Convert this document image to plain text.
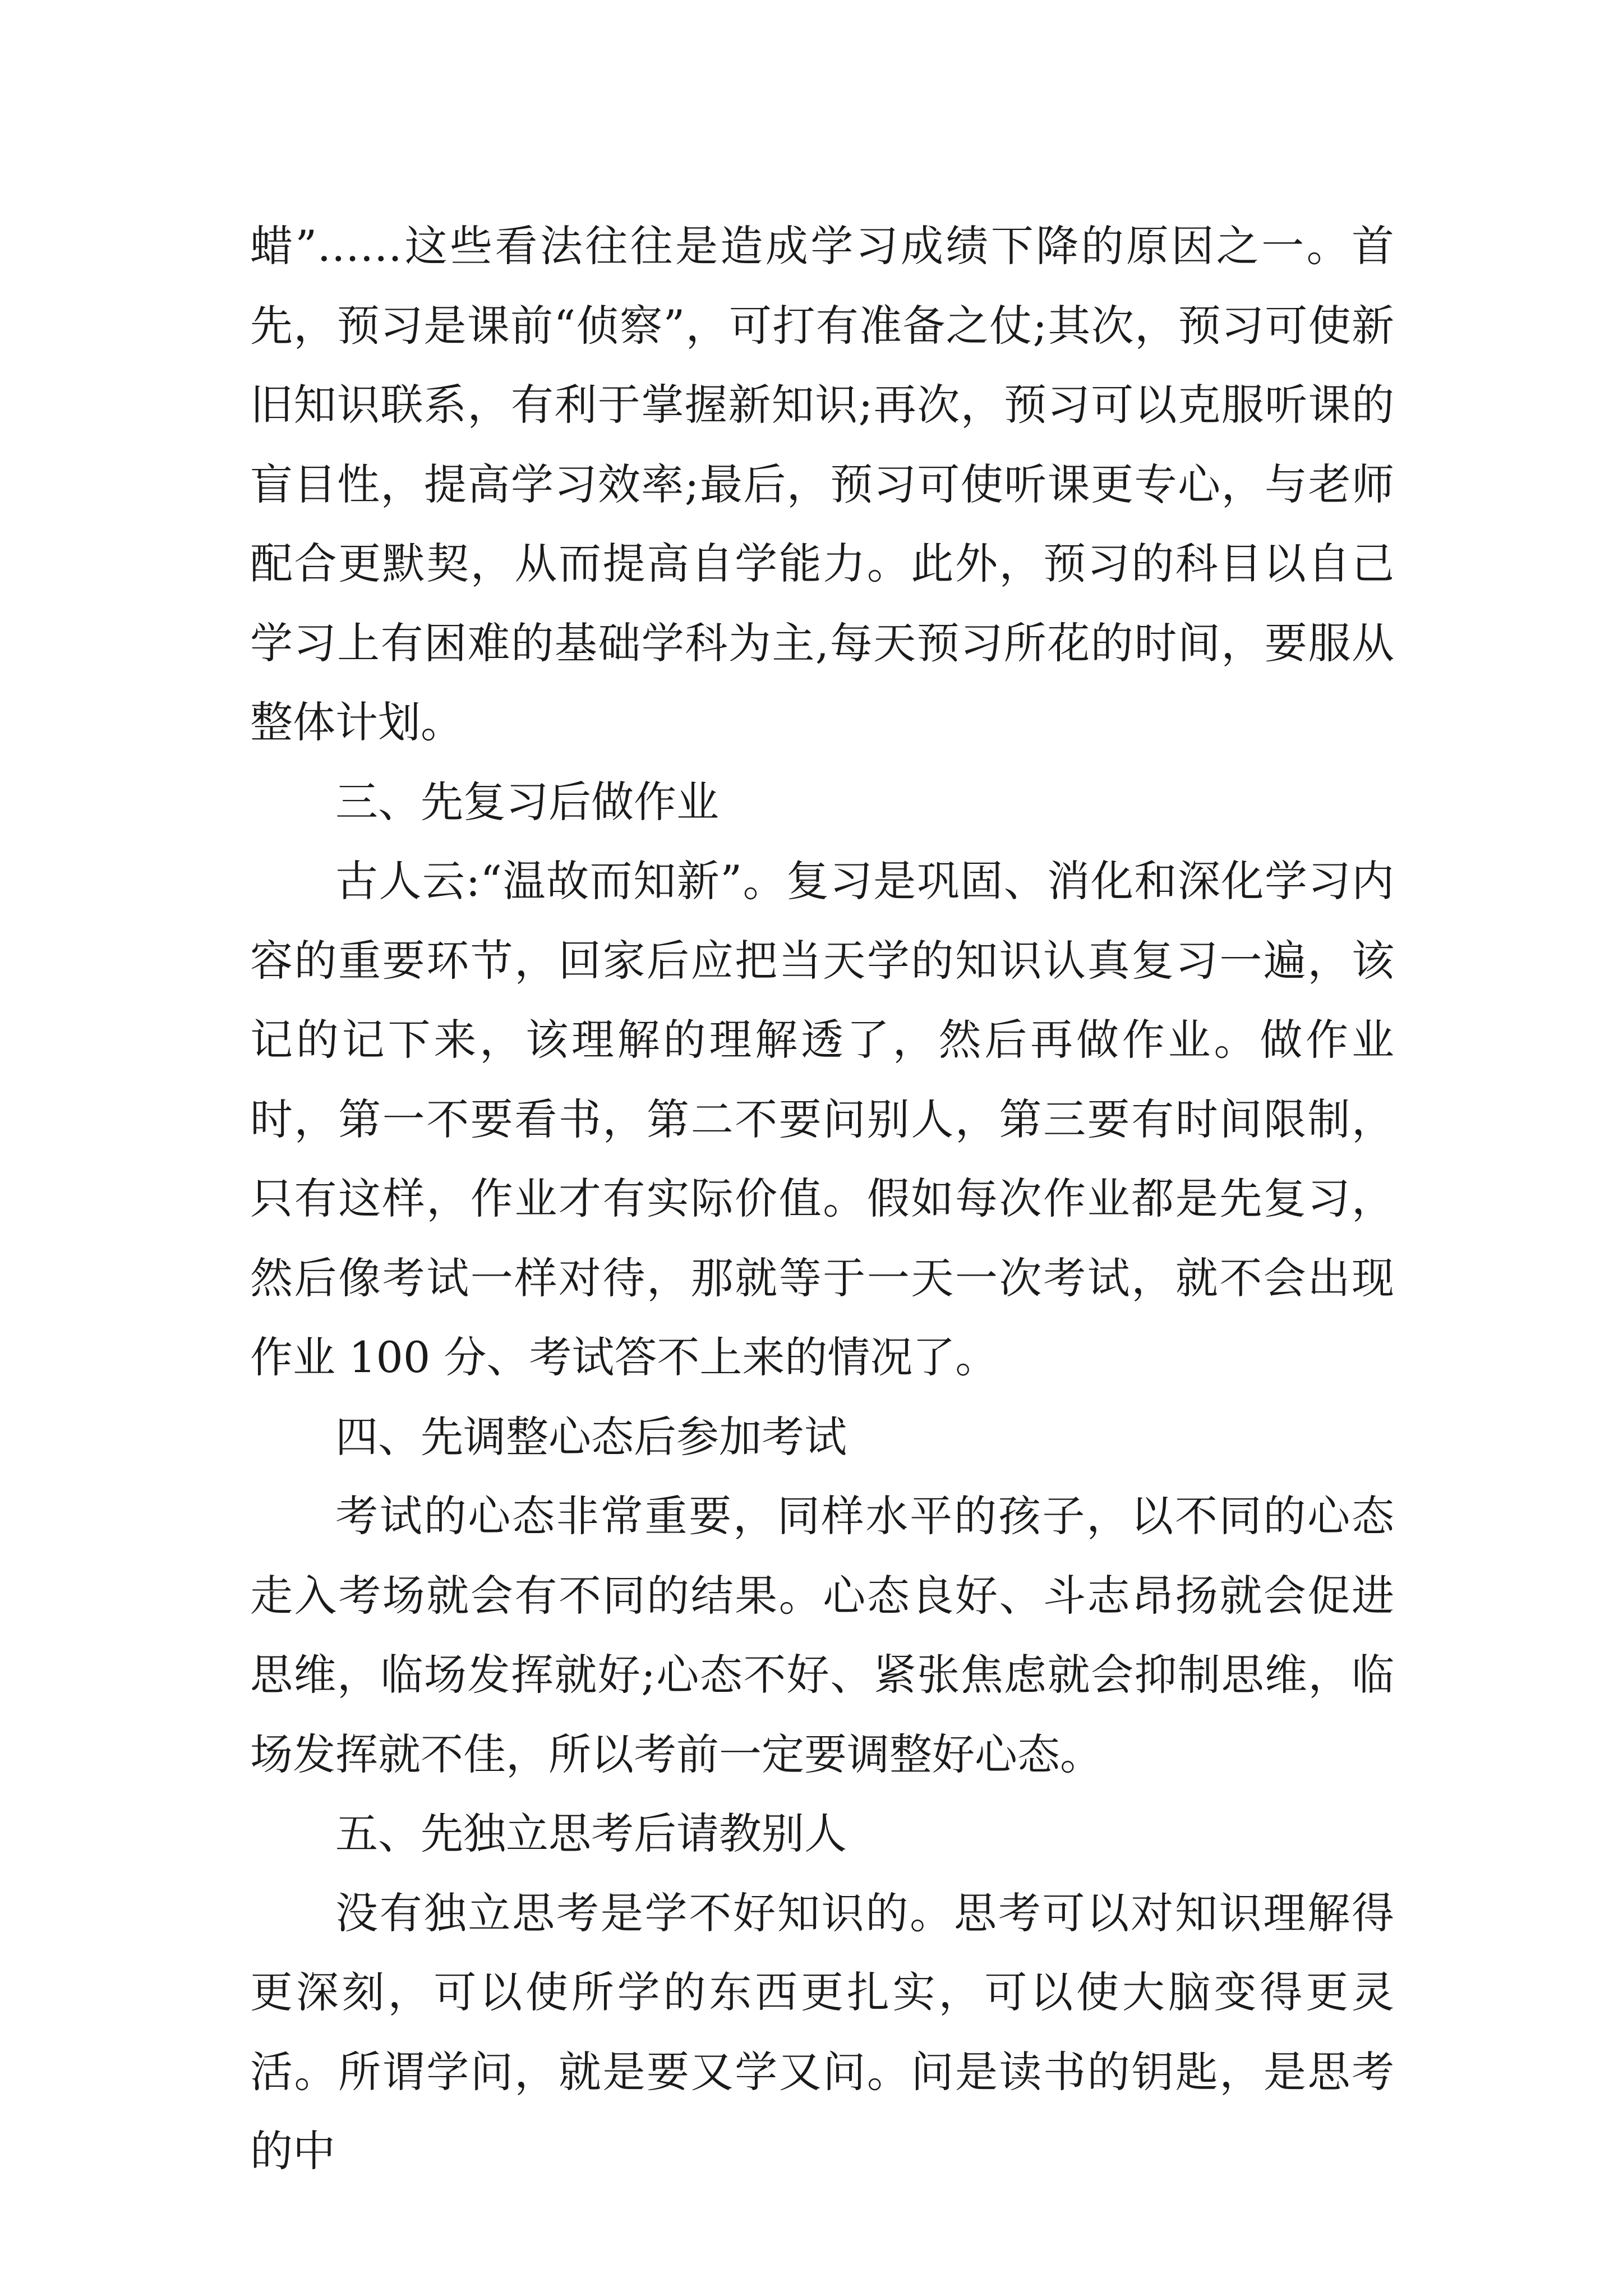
蜡”……这些看法往往是造成学习成绩下降的原因之一。首先，预习是课前“侦察”，可打有准备之仗;其次，预习可使新旧知识联系，有利于掌握新知识;再次，预习可以克服听课的盲目性，提高学习效率;最后，预习可使听课更专心，与老师配合更默契，从而提高自学能力。此外，预习的科目以自己学习上有困难的基础学科为主,每天预习所花的时间，要服从整体计划。

三、先复习后做作业

古人云:“温故而知新”。复习是巩固、消化和深化学习内容的重要环节，回家后应把当天学的知识认真复习一遍，该记的记下来，该理解的理解透了，然后再做作业。做作业时，第一不要看书，第二不要问别人，第三要有时间限制，只有这样，作业才有实际价值。假如每次作业都是先复习，然后像考试一样对待，那就等于一天一次考试，就不会出现作业 100 分、考试答不上来的情况了。

四、先调整心态后参加考试

考试的心态非常重要，同样水平的孩子，以不同的心态走入考场就会有不同的结果。心态良好、斗志昂扬就会促进思维，临场发挥就好;心态不好、紧张焦虑就会抑制思维，临场发挥就不佳，所以考前一定要调整好心态。

五、先独立思考后请教别人

没有独立思考是学不好知识的。思考可以对知识理解得更深刻，可以使所学的东西更扎实，可以使大脑变得更灵活。所谓学问，就是要又学又问。问是读书的钥匙，是思考的中
